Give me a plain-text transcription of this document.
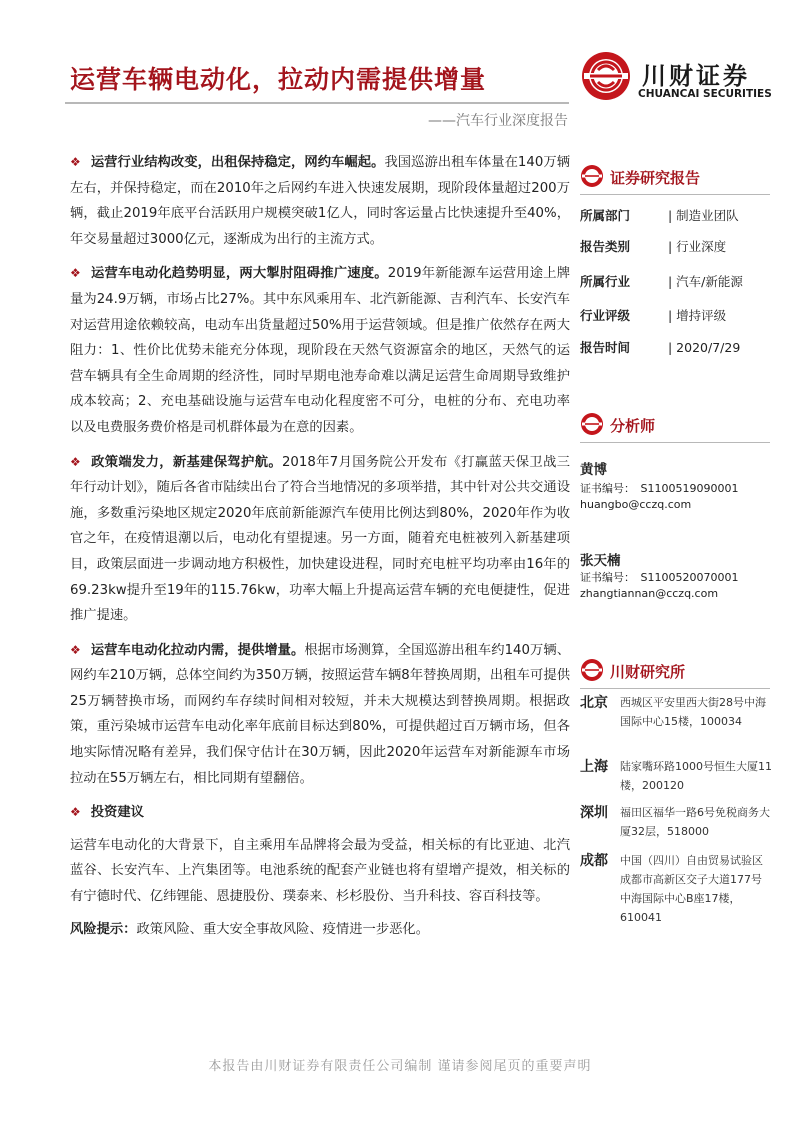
运营车辆电动化，拉动内需提供增量	川财证券
CHUANCAI SECURITIES
——汽车行业深度报告
❖ 运营行业结构改变，出租保持稳定，网约车崛起。我国巡游出租车体量在140万辆左右，并保持稳定，而在2010年之后网约车进入快速发展期，现阶段体量超过200万辆，截止2019年底平台活跃用户规模突破1亿人，同时客运量占比快速提升至40%，年交易量超过3000亿元，逐渐成为出行的主流方式。
❖ 运营车电动化趋势明显，两大掣肘阻碍推广速度。2019年新能源车运营用途上牌量为24.9万辆，市场占比27%。其中东风乘用车、北汽新能源、吉利汽车、长安汽车对运营用途依赖较高，电动车出货量超过50%用于运营领域。但是推广依然存在两大阻力：1、性价比优势未能充分体现，现阶段在天然气资源富余的地区，天然气的运营车辆具有全生命周期的经济性，同时早期电池寿命难以满足运营生命周期导致维护成本较高；2、充电基础设施与运营车电动化程度密不可分，电桩的分布、充电功率以及电费服务费价格是司机群体最为在意的因素。
❖ 政策端发力，新基建保驾护航。2018年7月国务院公开发布《打赢蓝天保卫战三年行动计划》，随后各省市陆续出台了符合当地情况的多项举措，其中针对公共交通设施，多数重污染地区规定2020年底前新能源汽车使用比例达到80%，2020年作为收官之年，在疫情退潮以后，电动化有望提速。另一方面，随着充电桩被列入新基建项目，政策层面进一步调动地方积极性，加快建设进程，同时充电桩平均功率由16年的69.23kw提升至19年的115.76kw，功率大幅上升提高运营车辆的充电便捷性，促进推广提速。
❖ 运营车电动化拉动内需，提供增量。根据市场测算，全国巡游出租车约140万辆、网约车210万辆，总体空间约为350万辆，按照运营车辆8年替换周期，出租车可提供25万辆替换市场，而网约车存续时间相对较短，并未大规模达到替换周期。根据政策，重污染城市运营车电动化率年底前目标达到80%，可提供超过百万辆市场，但各地实际情况略有差异，我们保守估计在30万辆，因此2020年运营车对新能源车市场拉动在55万辆左右，相比同期有望翻倍。
❖ 投资建议
运营车电动化的大背景下，自主乘用车品牌将会最为受益，相关标的有比亚迪、北汽蓝谷、长安汽车、上汽集团等。电池系统的配套产业链也将有望增产提效，相关标的有宁德时代、亿纬锂能、恩捷股份、璞泰来、杉杉股份、当升科技、容百科技等。
风险提示：政策风险、重大安全事故风险、疫情进一步恶化。
证券研究报告
所属部门	| 制造业团队
报告类别	| 行业深度
所属行业	| 汽车/新能源
行业评级	| 增持评级
报告时间	| 2020/7/29
分析师
黄博
证书编号：　S1100519090001
huangbo@cczq.com
张天楠
证书编号：　S1100520070001
zhangtiannan@cczq.com
川财研究所
北京 西城区平安里西大街28号中海国际中心15楼，100034
上海 陆家嘴环路1000号恒生大厦11楼，200120
深圳 福田区福华一路6号免税商务大厦32层，518000
成都 中国（四川）自由贸易试验区成都市高新区交子大道177号中海国际中心B座17楼，610041
本报告由川财证券有限责任公司编制 谨请参阅尾页的重要声明
